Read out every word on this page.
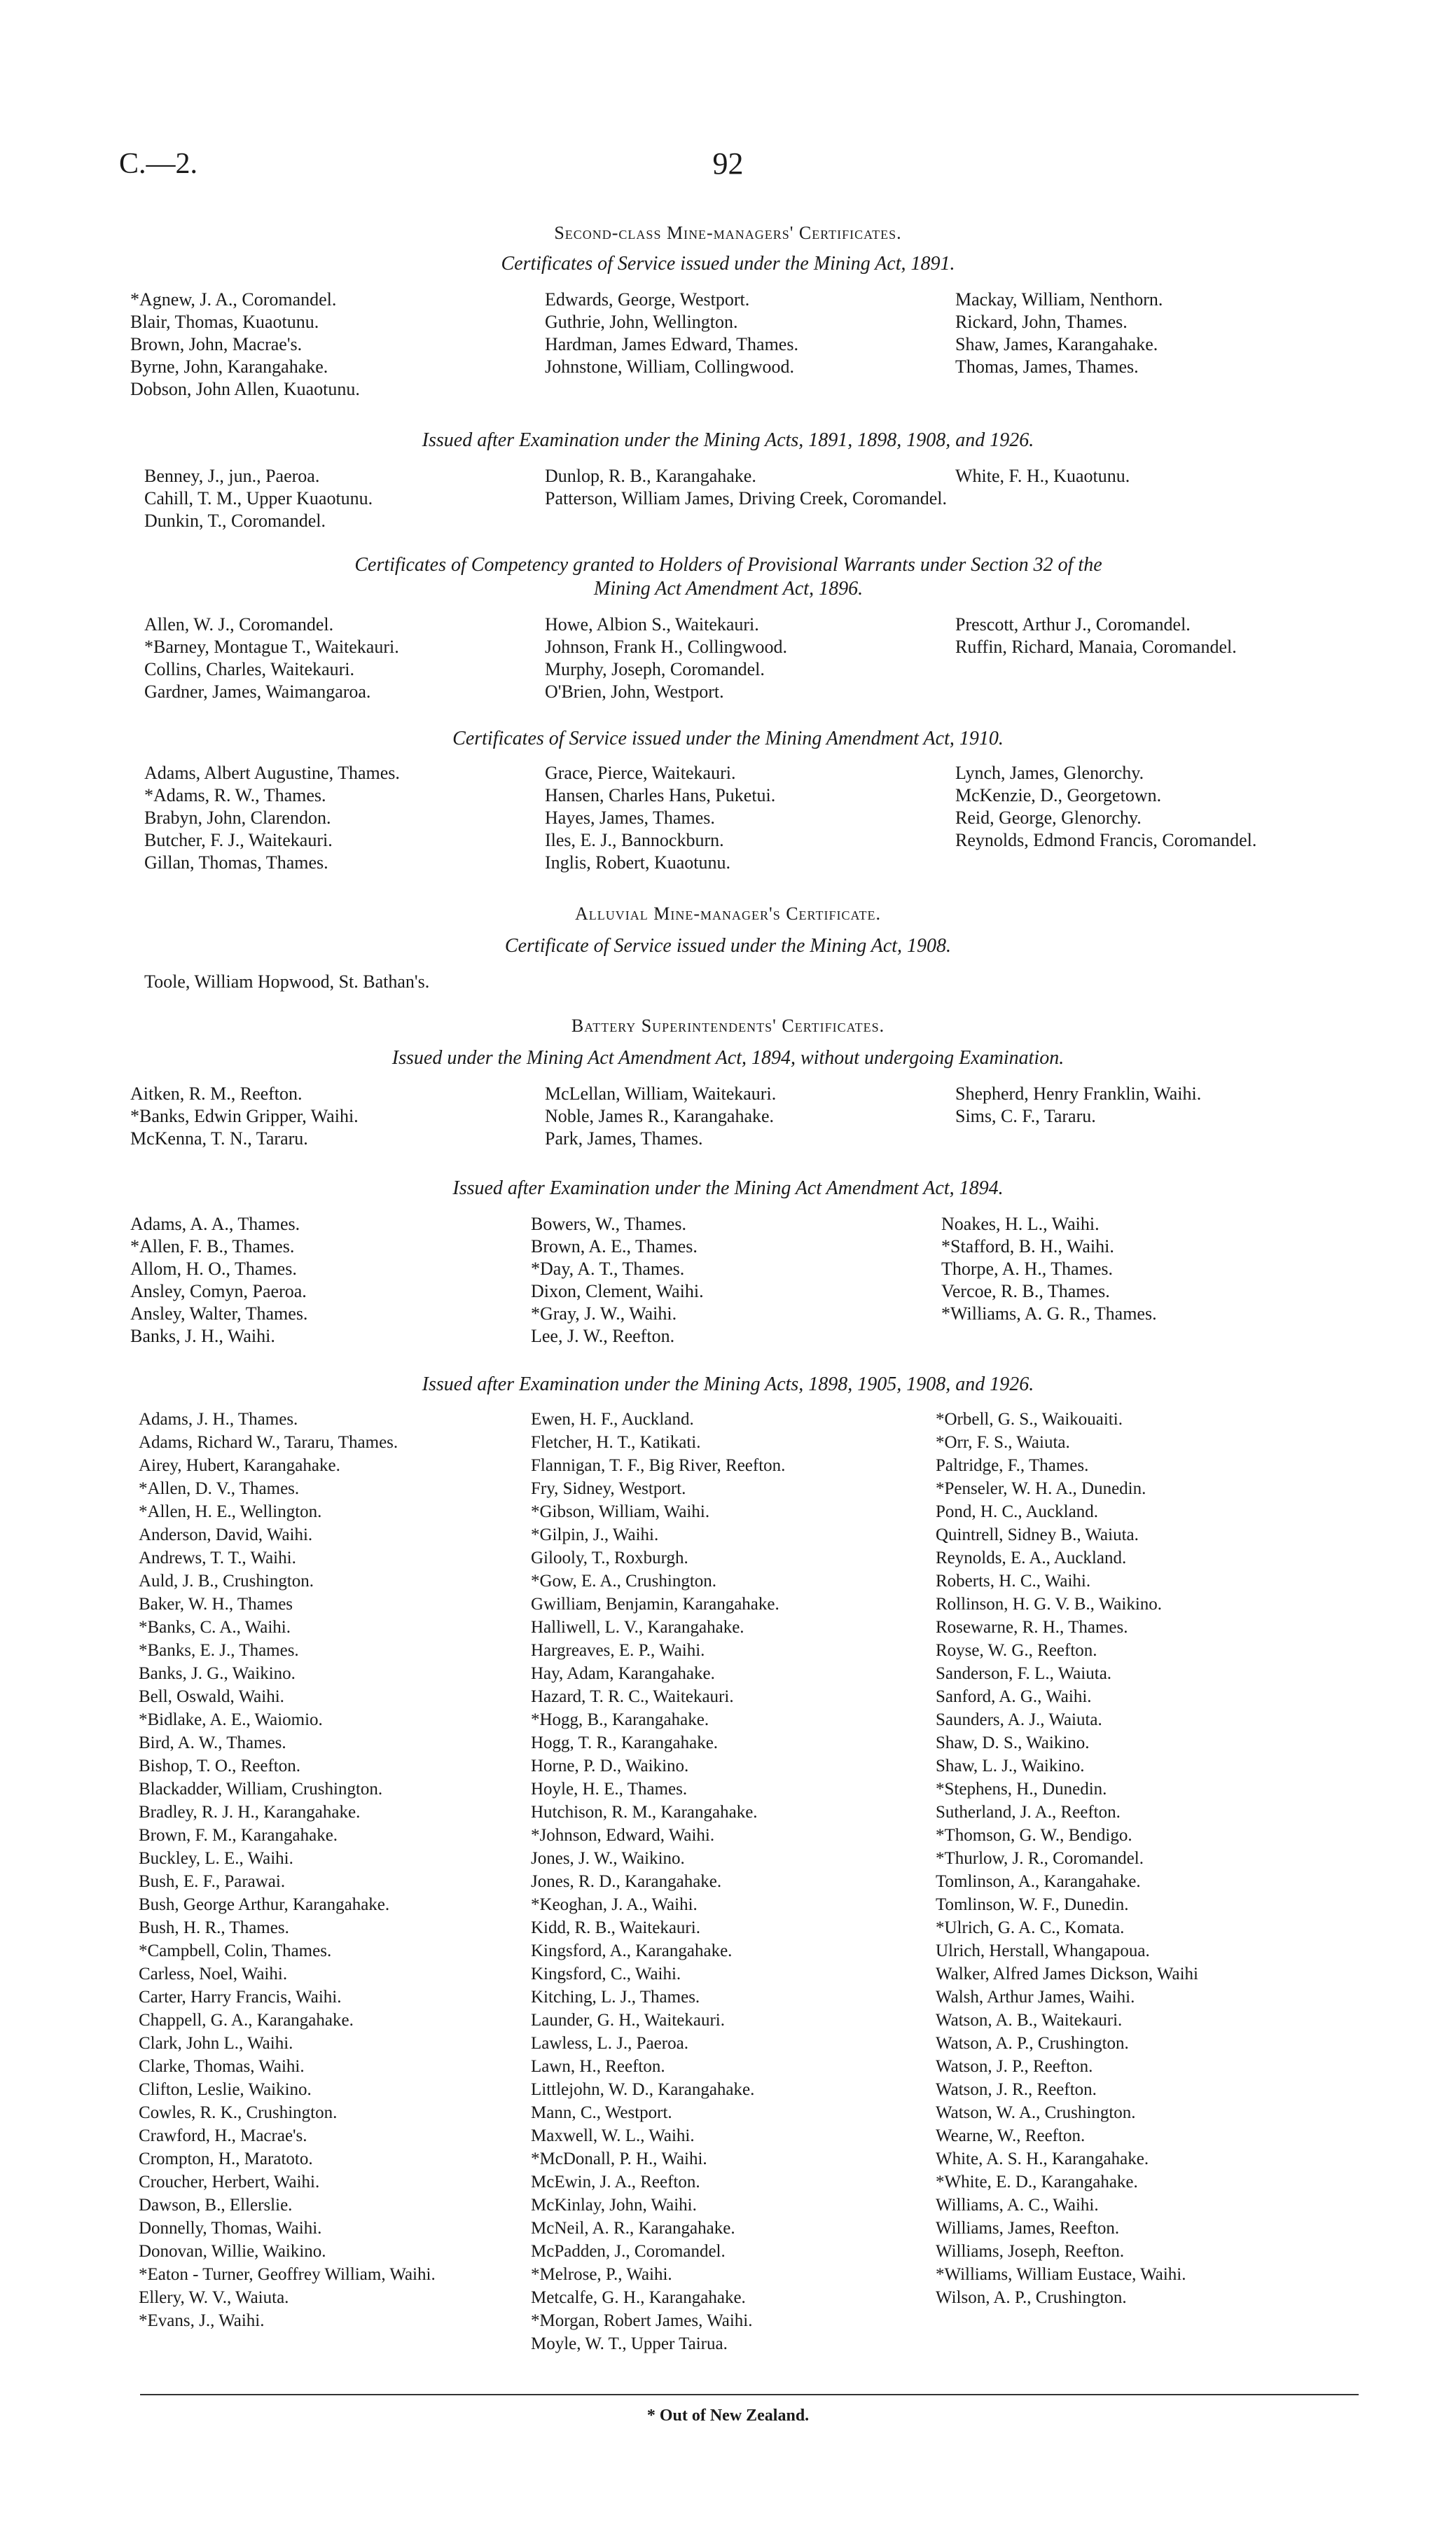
C.—2.	92
Second-class Mine-managers' Certificates.
Certificates of Service issued under the Mining Act, 1891.
*Agnew, J. A., Coromandel.
Blair, Thomas, Kuaotunu.
Brown, John, Macrae's.
Byrne, John, Karangahake.
Dobson, John Allen, Kuaotunu.
Edwards, George, Westport.
Guthrie, John, Wellington.
Hardman, James Edward, Thames.
Johnstone, William, Collingwood.
Mackay, William, Nenthorn.
Rickard, John, Thames.
Shaw, James, Karangahake.
Thomas, James, Thames.
Issued after Examination under the Mining Acts, 1891, 1898, 1908, and 1926.
Benney, J., jun., Paeroa.
Cahill, T. M., Upper Kuaotunu.
Dunkin, T., Coromandel.
Dunlop, R. B., Karangahake.
Patterson, William James, Driving Creek, Coromandel.
White, F. H., Kuaotunu.
Certificates of Competency granted to Holders of Provisional Warrants under Section 32 of the Mining Act Amendment Act, 1896.
Allen, W. J., Coromandel.
*Barney, Montague T., Waitekauri.
Collins, Charles, Waitekauri.
Gardner, James, Waimangaroa.
Howe, Albion S., Waitekauri.
Johnson, Frank H., Collingwood.
Murphy, Joseph, Coromandel.
O'Brien, John, Westport.
Prescott, Arthur J., Coromandel.
Ruffin, Richard, Manaia, Coromandel.
Certificates of Service issued under the Mining Amendment Act, 1910.
Adams, Albert Augustine, Thames.
*Adams, R. W., Thames.
Brabyn, John, Clarendon.
Butcher, F. J., Waitekauri.
Gillan, Thomas, Thames.
Grace, Pierce, Waitekauri.
Hansen, Charles Hans, Puketui.
Hayes, James, Thames.
Iles, E. J., Bannockburn.
Inglis, Robert, Kuaotunu.
Lynch, James, Glenorchy.
McKenzie, D., Georgetown.
Reid, George, Glenorchy.
Reynolds, Edmond Francis, Coromandel.
Alluvial Mine-manager's Certificate.
Certificate of Service issued under the Mining Act, 1908.
Toole, William Hopwood, St. Bathan's.
Battery Superintendents' Certificates.
Issued under the Mining Act Amendment Act, 1894, without undergoing Examination.
Aitken, R. M., Reefton.
*Banks, Edwin Gripper, Waihi.
McKenna, T. N., Tararu.
McLellan, William, Waitekauri.
Noble, James R., Karangahake.
Park, James, Thames.
Shepherd, Henry Franklin, Waihi.
Sims, C. F., Tararu.
Issued after Examination under the Mining Act Amendment Act, 1894.
Adams, A. A., Thames.
*Allen, F. B., Thames.
Allom, H. O., Thames.
Ansley, Comyn, Paeroa.
Ansley, Walter, Thames.
Banks, J. H., Waihi.
Bowers, W., Thames.
Brown, A. E., Thames.
*Day, A. T., Thames.
Dixon, Clement, Waihi.
*Gray, J. W., Waihi.
Lee, J. W., Reefton.
Noakes, H. L., Waihi.
*Stafford, B. H., Waihi.
Thorpe, A. H., Thames.
Vercoe, R. B., Thames.
*Williams, A. G. R., Thames.
Issued after Examination under the Mining Acts, 1898, 1905, 1908, and 1926.
Adams, J. H., Thames.
Adams, Richard W., Tararu, Thames.
Airey, Hubert, Karangahake.
*Allen, D. V., Thames.
*Allen, H. E., Wellington.
Anderson, David, Waihi.
Andrews, T. T., Waihi.
Auld, J. B., Crushington.
Baker, W. H., Thames
*Banks, C. A., Waihi.
*Banks, E. J., Thames.
Banks, J. G., Waikino.
Bell, Oswald, Waihi.
*Bidlake, A. E., Waiomio.
Bird, A. W., Thames.
Bishop, T. O., Reefton.
Blackadder, William, Crushington.
Bradley, R. J. H., Karangahake.
Brown, F. M., Karangahake.
Buckley, L. E., Waihi.
Bush, E. F., Parawai.
Bush, George Arthur, Karangahake.
Bush, H. R., Thames.
*Campbell, Colin, Thames.
Carless, Noel, Waihi.
Carter, Harry Francis, Waihi.
Chappell, G. A., Karangahake.
Clark, John L., Waihi.
Clarke, Thomas, Waihi.
Clifton, Leslie, Waikino.
Cowles, R. K., Crushington.
Crawford, H., Macrae's.
Crompton, H., Maratoto.
Croucher, Herbert, Waihi.
Dawson, B., Ellerslie.
Donnelly, Thomas, Waihi.
Donovan, Willie, Waikino.
*Eaton - Turner, Geoffrey William, Waihi.
Ellery, W. V., Waiuta.
*Evans, J., Waihi.
Ewen, H. F., Auckland.
Fletcher, H. T., Katikati.
Flannigan, T. F., Big River, Reefton.
Fry, Sidney, Westport.
*Gibson, William, Waihi.
*Gilpin, J., Waihi.
Gilooly, T., Roxburgh.
*Gow, E. A., Crushington.
Gwilliam, Benjamin, Karangahake.
Halliwell, L. V., Karangahake.
Hargreaves, E. P., Waihi.
Hay, Adam, Karangahake.
Hazard, T. R. C., Waitekauri.
*Hogg, B., Karangahake.
Hogg, T. R., Karangahake.
Horne, P. D., Waikino.
Hoyle, H. E., Thames.
Hutchison, R. M., Karangahake.
*Johnson, Edward, Waihi.
Jones, J. W., Waikino.
Jones, R. D., Karangahake.
*Keoghan, J. A., Waihi.
Kidd, R. B., Waitekauri.
Kingsford, A., Karangahake.
Kingsford, C., Waihi.
Kitching, L. J., Thames.
Launder, G. H., Waitekauri.
Lawless, L. J., Paeroa.
Lawn, H., Reefton.
Littlejohn, W. D., Karangahake.
Mann, C., Westport.
Maxwell, W. L., Waihi.
*McDonall, P. H., Waihi.
McEwin, J. A., Reefton.
McKinlay, John, Waihi.
McNeil, A. R., Karangahake.
McPadden, J., Coromandel.
*Melrose, P., Waihi.
Metcalfe, G. H., Karangahake.
*Morgan, Robert James, Waihi.
Moyle, W. T., Upper Tairua.
*Orbell, G. S., Waikouaiti.
*Orr, F. S., Waiuta.
Paltridge, F., Thames.
*Penseler, W. H. A., Dunedin.
Pond, H. C., Auckland.
Quintrell, Sidney B., Waiuta.
Reynolds, E. A., Auckland.
Roberts, H. C., Waihi.
Rollinson, H. G. V. B., Waikino.
Rosewarne, R. H., Thames.
Royse, W. G., Reefton.
Sanderson, F. L., Waiuta.
Sanford, A. G., Waihi.
Saunders, A. J., Waiuta.
Shaw, D. S., Waikino.
Shaw, L. J., Waikino.
*Stephens, H., Dunedin.
Sutherland, J. A., Reefton.
*Thomson, G. W., Bendigo.
*Thurlow, J. R., Coromandel.
Tomlinson, A., Karangahake.
Tomlinson, W. F., Dunedin.
*Ulrich, G. A. C., Komata.
Ulrich, Herstall, Whangapoua.
Walker, Alfred James Dickson, Waihi
Walsh, Arthur James, Waihi.
Watson, A. B., Waitekauri.
Watson, A. P., Crushington.
Watson, J. P., Reefton.
Watson, J. R., Reefton.
Watson, W. A., Crushington.
Wearne, W., Reefton.
White, A. S. H., Karangahake.
*White, E. D., Karangahake.
Williams, A. C., Waihi.
Williams, James, Reefton.
Williams, Joseph, Reefton.
*Williams, William Eustace, Waihi.
Wilson, A. P., Crushington.
* Out of New Zealand.
